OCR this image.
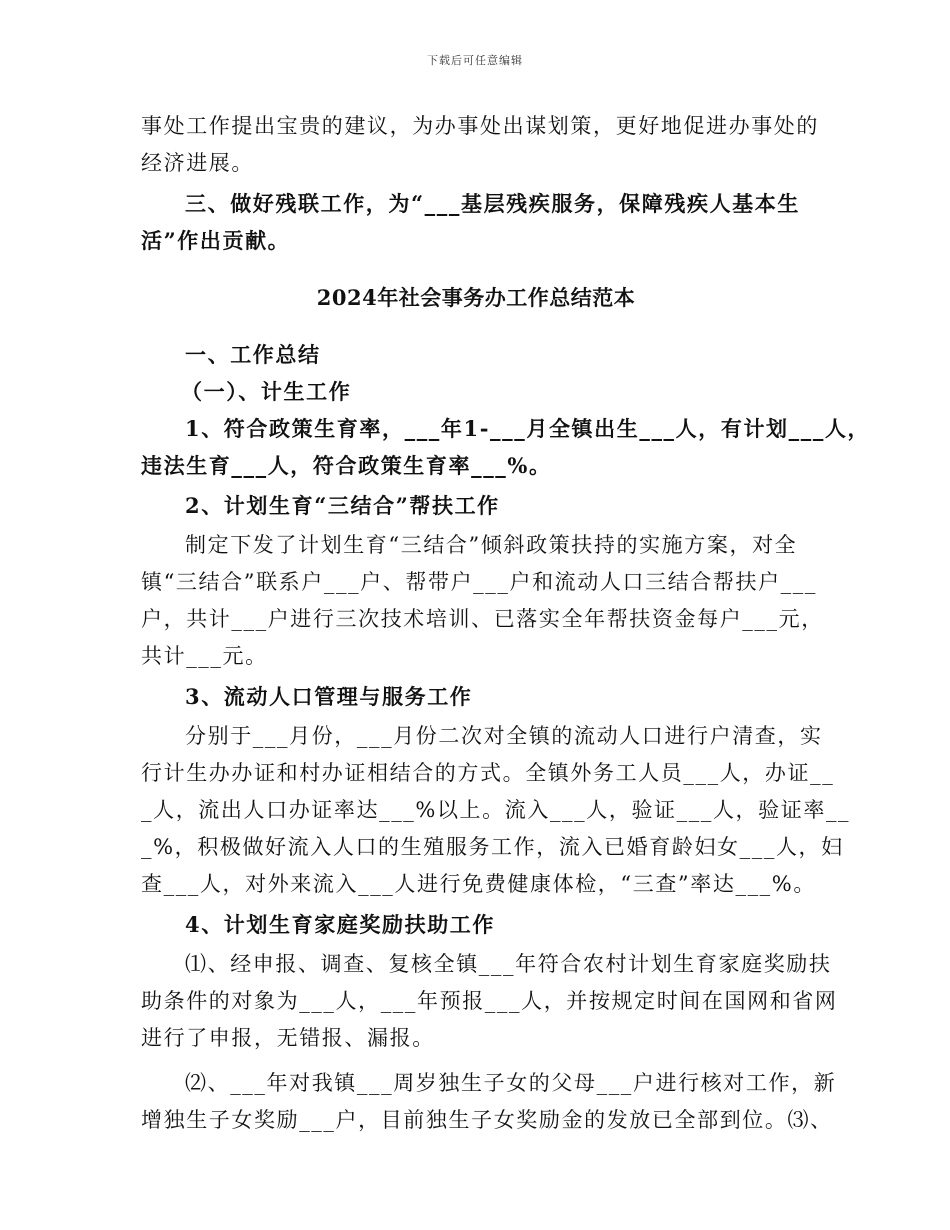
下载后可任意编辑
事处工作提出宝贵的建议，为办事处出谋划策，更好地促进办事处的
经济进展。
三、做好残联工作，为“___基层残疾服务，保障残疾人基本生
活”作出贡献。
2024年社会事务办工作总结范本
一、工作总结
（一）、计生工作
1、符合政策生育率，___年1-___月全镇出生___人，有计划___人，
违法生育___人，符合政策生育率___%。
2、计划生育“三结合”帮扶工作
制定下发了计划生育“三结合”倾斜政策扶持的实施方案，对全
镇“三结合”联系户___户、帮带户___户和流动人口三结合帮扶户___
户，共计___户进行三次技术培训、已落实全年帮扶资金每户___元，
共计___元。
3、流动人口管理与服务工作
分别于___月份，___月份二次对全镇的流动人口进行户清查，实
行计生办办证和村办证相结合的方式。全镇外务工人员___人，办证__
_人，流出人口办证率达___%以上。流入___人，验证___人，验证率__
_%，积极做好流入人口的生殖服务工作，流入已婚育龄妇女___人，妇
查___人，对外来流入___人进行免费健康体检，“三查”率达___%。
4、计划生育家庭奖励扶助工作
⑴、经申报、调查、复核全镇___年符合农村计划生育家庭奖励扶
助条件的对象为___人，___年预报___人，并按规定时间在国网和省网
进行了申报，无错报、漏报。
⑵、___年对我镇___周岁独生子女的父母___户进行核对工作，新
增独生子女奖励___户，目前独生子女奖励金的发放已全部到位。⑶、
